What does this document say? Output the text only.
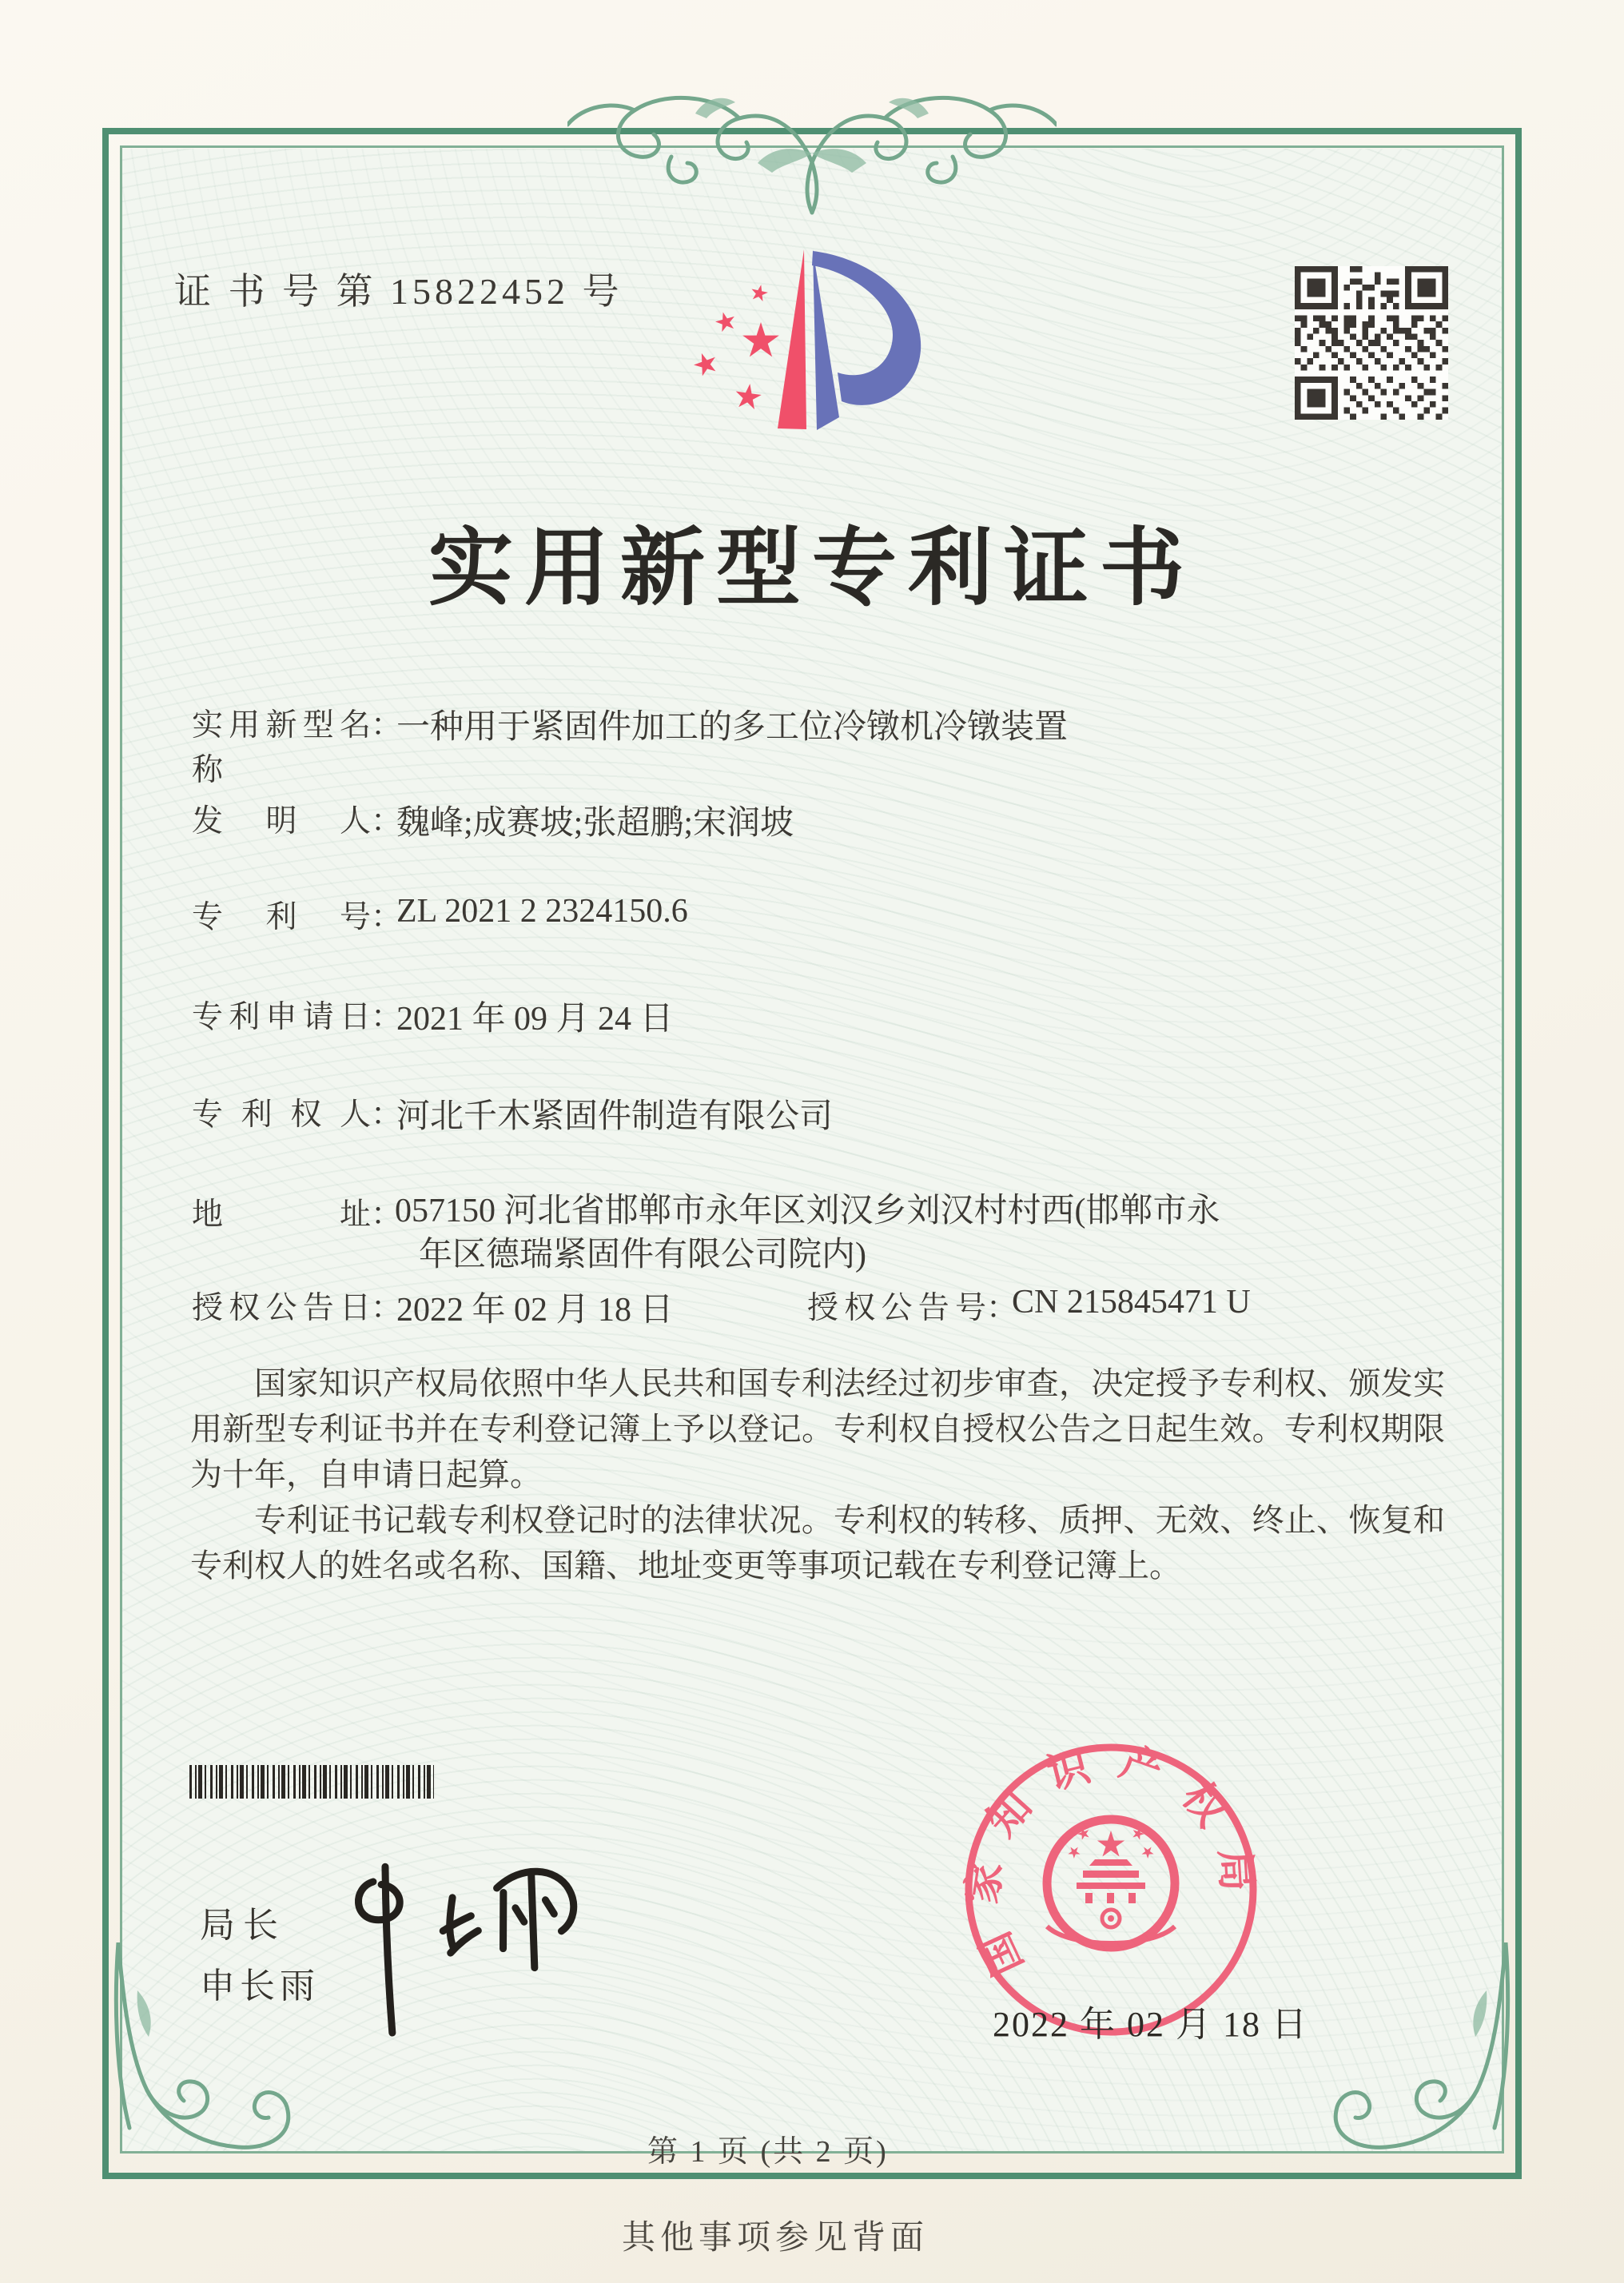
证 书 号 第 15822452 号
实用新型专利证书
实用新型名称
：
一种用于紧固件加工的多工位冷镦机冷镦装置
发明人 ：
魏峰;成赛坡;张超鹏;宋润坡
专利号 ：
ZL 2021 2 2324150.6
专利申请日 ：
2021 年 09 月 24 日
专利权人 ：
河北千木紧固件制造有限公司
地址 ：
057150 河北省邯郸市永年区刘汉乡刘汉村村西(邯郸市永
年区德瑞紧固件有限公司院内)
授权公告日 ：
2022 年 02 月 18 日	授权公告号 ：
CN 215845471 U

国家知识产权局依照中华人民共和国专利法经过初步审查，决定授予专利权、颁发实用新型专利证书并在专利登记簿上予以登记。专利权自授权公告之日起生效。专利权期限为十年，自申请日起算。

专利证书记载专利权登记时的法律状况。专利权的转移、质押、无效、终止、恢复和专利权人的姓名或名称、国籍、地址变更等事项记载在专利登记簿上。

局长
申长雨
国家知识产权局
2022 年 02 月 18 日
第 1 页 (共 2 页)
其他事项参见背面
